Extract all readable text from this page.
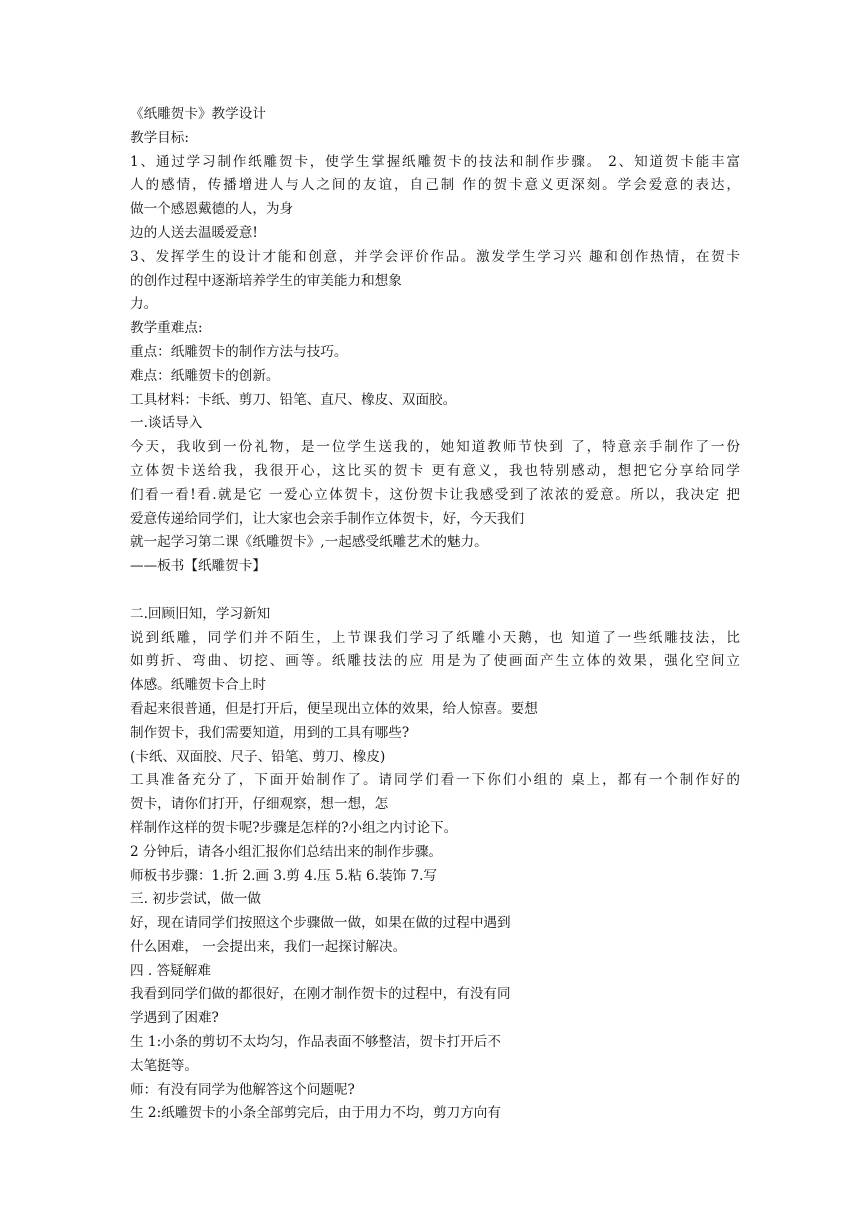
《纸雕贺卡》教学设计
教学目标:
1、通过学习制作纸雕贺卡，使学生掌握纸雕贺卡的技法和制作步骤。 2、知道贺卡能丰富
人的感情，传播增进人与人之间的友谊，自己制 作的贺卡意义更深刻。学会爱意的表达，
做一个感恩戴德的人，为身
边的人送去温暖爱意!
3、发挥学生的设计才能和创意，并学会评价作品。激发学生学习兴 趣和创作热情，在贺卡
的创作过程中逐渐培养学生的审美能力和想象
力。
教学重难点:
重点：纸雕贺卡的制作方法与技巧。
难点：纸雕贺卡的创新。
工具材料：卡纸、剪刀、铅笔、直尺、橡皮、双面胶。
一.谈话导入
今天，我收到一份礼物，是一位学生送我的，她知道教师节快到 了，特意亲手制作了一份
立体贺卡送给我，我很开心，这比买的贺卡 更有意义，我也特别感动，想把它分享给同学
们看一看!看.就是它 一爱心立体贺卡，这份贺卡让我感受到了浓浓的爱意。所以，我决定 把
爱意传递给同学们，让大家也会亲手制作立体贺卡，好，今天我们
就一起学习第二课《纸雕贺卡》,一起感受纸雕艺术的魅力。
——板书【纸雕贺卡】
二.回顾旧知，学习新知
说到纸雕，同学们并不陌生，上节课我们学习了纸雕小天鹅，也 知道了一些纸雕技法，比
如剪折、弯曲、切挖、画等。纸雕技法的应 用是为了使画面产生立体的效果，强化空间立
体感。纸雕贺卡合上时
看起来很普通，但是打开后，便呈现出立体的效果，给人惊喜。要想
制作贺卡，我们需要知道，用到的工具有哪些?
(卡纸、双面胶、尺子、铅笔、剪刀、橡皮)
工具准备充分了，下面开始制作了。请同学们看一下你们小组的 桌上，都有一个制作好的
贺卡，请你们打开，仔细观察，想一想，怎
样制作这样的贺卡呢?步骤是怎样的?小组之内讨论下。
2 分钟后，请各小组汇报你们总结出来的制作步骤。
师板书步骤：1.折 2.画 3.剪 4.压 5.粘 6.装饰 7.写
三. 初步尝试，做一做
好，现在请同学们按照这个步骤做一做，如果在做的过程中遇到
什么困难， 一会提出来，我们一起探讨解决。
四 . 答疑解难
我看到同学们做的都很好，在刚才制作贺卡的过程中，有没有同
学遇到了困难?
生 1:小条的剪切不太均匀，作品表面不够整洁，贺卡打开后不
太笔挺等。
师：有没有同学为他解答这个问题呢?
生 2:纸雕贺卡的小条全部剪完后，由于用力不均，剪刀方向有
